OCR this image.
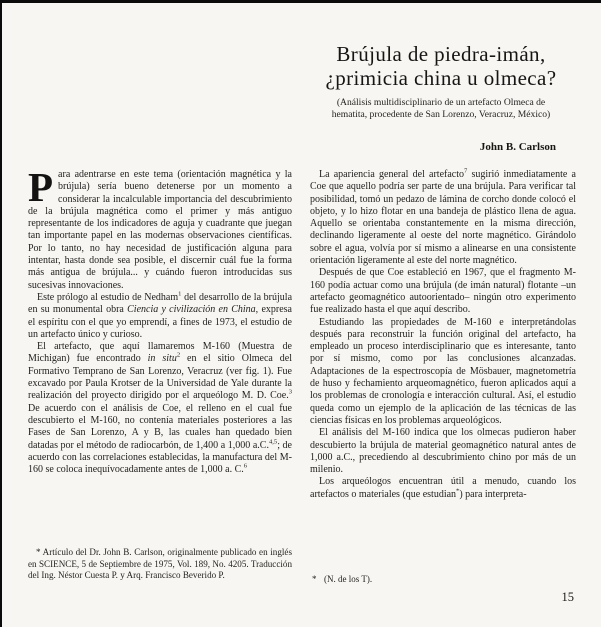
Brújula de piedra-imán,
¿primicia china u olmeca?
(Análisis multidisciplinario de un artefacto Olmeca de
hematita, procedente de San Lorenzo, Veracruz, México)
John B. Carlson

Para adentrarse en este tema (orientación magnética y la brújula) sería bueno detenerse por un momento a considerar la incalculable importancia del descubrimiento de la brújula magnética como el primer y más antiguo representante de los indicadores de aguja y cuadrante que juegan tan importante papel en las modernas observaciones científicas. Por lo tanto, no hay necesidad de justificación alguna para intentar, hasta donde sea posible, el discernir cuál fue la forma más antigua de brújula... y cuándo fueron introducidas sus sucesivas innovaciones.

Este prólogo al estudio de Nedham$^1$ del desarrollo de la brújula en su monumental obra Ciencia y civilización en China, expresa el espíritu con el que yo emprendí, a fines de 1973, el estudio de un artefacto único y curioso.

El artefacto, que aquí llamaremos M-160 (Muestra de Michigan) fue encontrado in situ$^2$ en el sitio Olmeca del Formativo Temprano de San Lorenzo, Veracruz (ver fig. 1). Fue excavado por Paula Krotser de la Universidad de Yale durante la realización del proyecto dirigido por el arqueólogo M. D. Coe.$^3$ De acuerdo con el análisis de Coe, el relleno en el cual fue descubierto el M-160, no contenía materiales posteriores a las Fases de San Lorenzo, A y B, las cuales han quedado bien datadas por el método de radiocarbón, de 1,400 a 1,000 a.C.$^{4,5}$; de acuerdo con las correlaciones establecidas, la manufactura del M-160 se coloca inequívocadamente antes de 1,000 a. C.$^6$

La apariencia general del artefacto$^7$ sugirió inmediatamente a Coe que aquello podría ser parte de una brújula. Para verificar tal posibilidad, tomó un pedazo de lámina de corcho donde colocó el objeto, y lo hizo flotar en una bandeja de plástico llena de agua. Aquello se orientaba constantemente en la misma dirección, declinando ligeramente al oeste del norte magnético. Girándolo sobre el agua, volvía por sí mismo a alinearse en una consistente orientación ligeramente al este del norte magnético.

Después de que Coe estableció en 1967, que el fragmento M-160 podía actuar como una brújula (de imán natural) flotante –un artefacto geomagnético autoorientado– ningún otro experimento fue realizado hasta el que aquí describo.

Estudiando las propiedades de M-160 e interpretándolas después para reconstruir la función original del artefacto, ha empleado un proceso interdisciplinario que es interesante, tanto por sí mismo, como por las conclusiones alcanzadas. Adaptaciones de la espectroscopía de Mösbauer, magnetometría de huso y fechamiento arqueomagnético, fueron aplicados aquí a los problemas de cronología e interacción cultural. Así, el estudio queda como un ejemplo de la aplicación de las técnicas de las ciencias físicas en los problemas arqueológicos.

El análisis del M-160 indica que los olmecas pudieron haber descubierto la brújula de material geomagnético natural antes de 1,000 a.C., precediendo al descubrimiento chino por más de un milenio.

Los arqueólogos encuentran útil a menudo, cuando los artefactos o materiales (que estudian*) para interpreta-

* Artículo del Dr. John B. Carlson, originalmente publicado en inglés en SCIENCE, 5 de Septiembre de 1975, Vol. 189, No. 4205. Traducción del Ing. Néstor Cuesta P. y Arq. Francisco Beverido P.	* (N. de los T).
15
